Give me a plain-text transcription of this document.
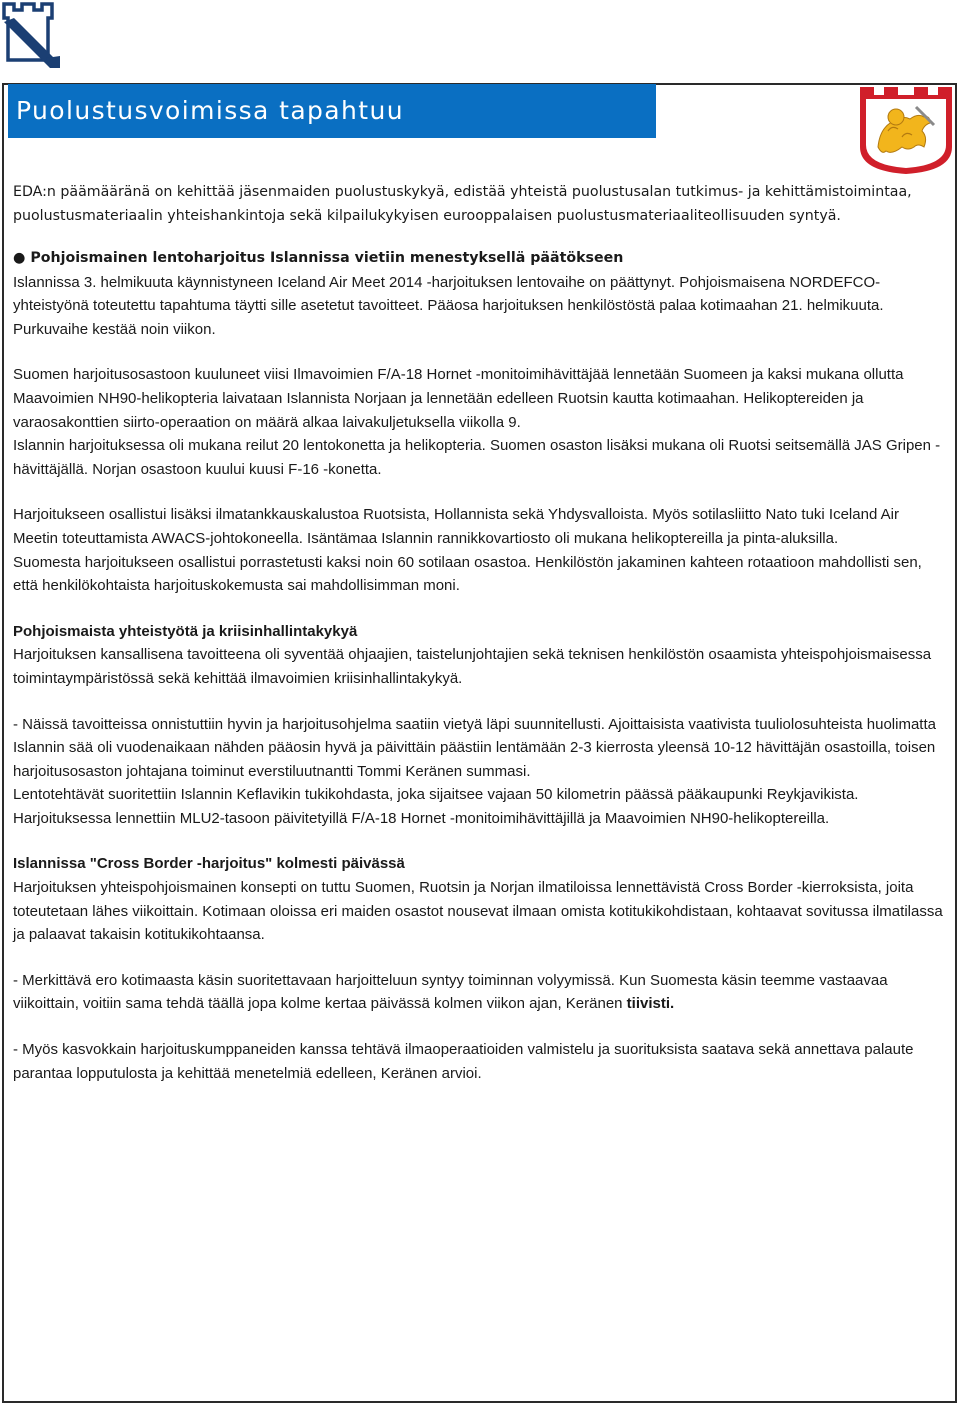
Puolustusvoimissa tapahtuu

EDA:n päämääränä on kehittää jäsenmaiden puolustuskykyä, edistää yhteistä puolustusalan tutkimus- ja kehittämistoimintaa, puolustusmateriaalin yhteishankintoja sekä kilpailukykyisen eurooppalaisen puolustusmateriaaliteollisuuden syntyä.

● Pohjoismainen lentoharjoitus Islannissa vietiin menestyksellä päätökseen

Islannissa 3. helmikuuta käynnistyneen Iceland Air Meet 2014 -harjoituksen lentovaihe on päättynyt. Pohjoismaisena NORDEFCO-yhteistyönä toteutettu tapahtuma täytti sille asetetut tavoitteet. Pääosa harjoituksen henkilöstöstä palaa kotimaahan 21. helmikuuta. Purkuvaihe kestää noin viikon.

Suomen harjoitusosastoon kuuluneet viisi Ilmavoimien F/A-18 Hornet -monitoimihävittäjää lennetään Suomeen ja kaksi mukana ollutta Maavoimien NH90-helikopteria laivataan Islannista Norjaan ja lennetään edelleen Ruotsin kautta kotimaahan. Helikoptereiden ja varaosakonttien siirto-operaation on määrä alkaa laivakuljetuksella viikolla 9.

Islannin harjoituksessa oli mukana reilut 20 lentokonetta ja helikopteria. Suomen osaston lisäksi mukana oli Ruotsi seitsemällä JAS Gripen -hävittäjällä. Norjan osastoon kuului kuusi F-16 -konetta.

Harjoitukseen osallistui lisäksi ilmatankkauskalustoa Ruotsista, Hollannista sekä Yhdysvalloista. Myös sotilasliitto Nato tuki Iceland Air Meetin toteuttamista AWACS-johtokoneella. Isäntämaa Islannin rannikkovartiosto oli mukana helikoptereilla ja pinta-aluksilla.

Suomesta harjoitukseen osallistui porrastetusti kaksi noin 60 sotilaan osastoa. Henkilöstön jakaminen kahteen rotaatioon mahdollisti sen, että henkilökohtaista harjoituskokemusta sai mahdollisimman moni.

Pohjoismaista yhteistyötä ja kriisinhallintakykyä

Harjoituksen kansallisena tavoitteena oli syventää ohjaajien, taistelunjohtajien sekä teknisen henkilöstön osaamista yhteispohjoismaisessa toimintaympäristössä sekä kehittää ilmavoimien kriisinhallintakykyä.

- Näissä tavoitteissa onnistuttiin hyvin ja harjoitusohjelma saatiin vietyä läpi suunnitellusti. Ajoittaisista vaativista tuuliolosuhteista huolimatta Islannin sää oli vuodenaikaan nähden pääosin hyvä ja päivittäin päästiin lentämään 2-3 kierrosta yleensä 10-12 hävittäjän osastoilla, toisen harjoitusosaston johtajana toiminut everstiluutnantti Tommi Keränen summasi.

Lentotehtävät suoritettiin Islannin Keflavikin tukikohdasta, joka sijaitsee vajaan 50 kilometrin päässä pääkaupunki Reykjavikista. Harjoituksessa lennettiin MLU2-tasoon päivitetyillä F/A-18 Hornet -monitoimihävittäjillä ja Maavoimien NH90-helikoptereilla.

Islannissa "Cross Border -harjoitus" kolmesti päivässä

Harjoituksen yhteispohjoismainen konsepti on tuttu Suomen, Ruotsin ja Norjan ilmatiloissa lennettävistä Cross Border -kierroksista, joita toteutetaan lähes viikoittain. Kotimaan oloissa eri maiden osastot nousevat ilmaan omista kotitukikohdistaan, kohtaavat sovitussa ilmatilassa ja palaavat takaisin kotitukikohtaansa.

- Merkittävä ero kotimaasta käsin suoritettavaan harjoitteluun syntyy toiminnan volyymissä. Kun Suomesta käsin teemme vastaavaa viikoittain, voitiin sama tehdä täällä jopa kolme kertaa päivässä kolmen viikon ajan, Keränen tiivisti.

- Myös kasvokkain harjoituskumppaneiden kanssa tehtävä ilmaoperaatioiden valmistelu ja suorituksista saatava sekä annettava palaute parantaa lopputulosta ja kehittää menetelmiä edelleen, Keränen arvioi.
